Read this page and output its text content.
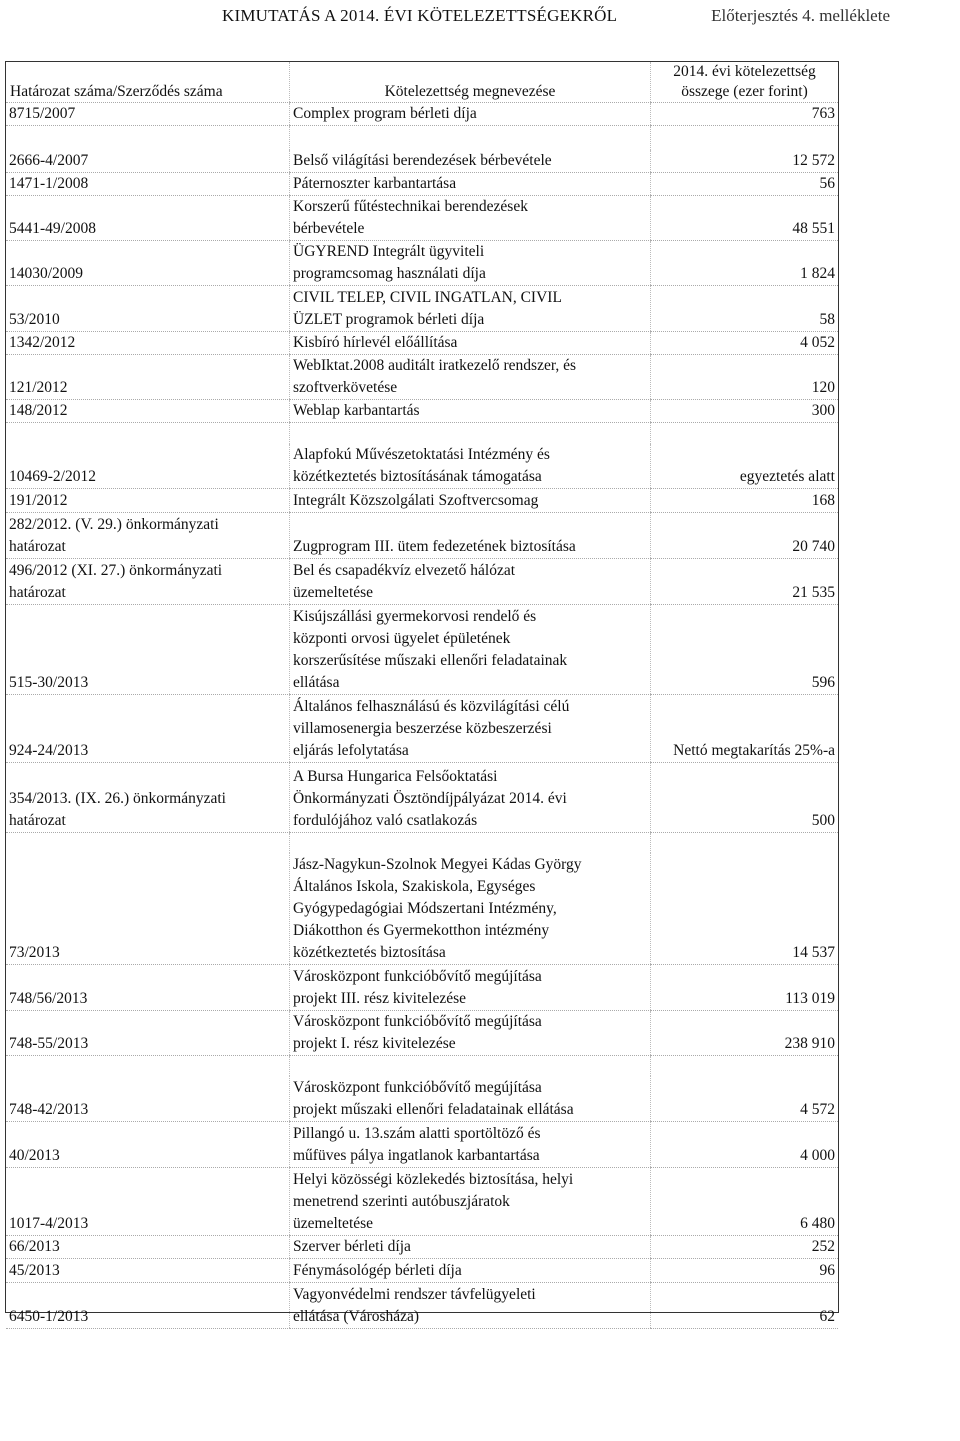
KIMUTATÁS A 2014. ÉVI KÖTELEZETTSÉGEKRŐL	Előterjesztés 4. melléklete
Határozat száma/Szerződés száma	Kötelezettség megnevezése	2014. évi kötelezettség
összege (ezer forint)

8715/2007	Complex program bérleti díja	763

2666-4/2007	Belső világítási berendezések bérbevétele	12 572
1471-1/2008	Páternoszter karbantartása	56
5441-49/2008	Korszerű fűtéstechnikai berendezések
bérbevétele	48 551
14030/2009	ÜGYREND Integrált ügyviteli
programcsomag használati díja	1 824
53/2010	CIVIL TELEP, CIVIL INGATLAN, CIVIL
ÜZLET programok bérleti díja	58
1342/2012	Kisbíró hírlevél előállítása	4 052
121/2012	WebIktat.2008 auditált iratkezelő rendszer, és
szoftverkövetése	120
148/2012	Weblap karbantartás	300

10469-2/2012	Alapfokú Művészetoktatási Intézmény és
közétkeztetés biztosításának támogatása	egyeztetés alatt
191/2012	Integrált Közszolgálati Szoftvercsomag	168

282/2012. (V. 29.) önkormányzati
határozat	Zugprogram III. ütem fedezetének biztosítása	20 740

496/2012 (XI. 27.) önkormányzati
határozat	Bel és csapadékvíz elvezető hálózat
üzemeltetése	21 535
515-30/2013	Kisújszállási gyermekorvosi rendelő és
központi orvosi ügyelet épületének
korszerűsítése műszaki ellenőri feladatainak
ellátása	596
924-24/2013	Általános felhasználású és közvilágítási célú
villamosenergia beszerzése közbeszerzési
eljárás lefolytatása	Nettó megtakarítás 25%-a

354/2013. (IX. 26.) önkormányzati
határozat	A Bursa Hungarica Felsőoktatási
Önkormányzati Ösztöndíjpályázat 2014. évi
fordulójához való csatlakozás	500

73/2013	Jász-Nagykun-Szolnok Megyei Kádas György
Általános Iskola, Szakiskola, Egységes
Gyógypedagógiai Módszertani Intézmény,
Diákotthon és Gyermekotthon intézmény
közétkeztetés biztosítása	14 537
748/56/2013	Városközpont funkcióbővítő megújítása
projekt III. rész kivitelezése	113 019
748-55/2013	Városközpont funkcióbővítő megújítása
projekt I. rész kivitelezése	238 910

748-42/2013	Városközpont funkcióbővítő megújítása
projekt műszaki ellenőri feladatainak ellátása	4 572
40/2013	Pillangó u. 13.szám alatti sportöltöző és
műfüves pálya ingatlanok karbantartása	4 000
1017-4/2013	Helyi közösségi közlekedés biztosítása, helyi
menetrend szerinti autóbuszjáratok
üzemeltetése	6 480
66/2013	Szerver bérleti díja	252
45/2013	Fénymásológép bérleti díja	96
6450-1/2013	Vagyonvédelmi rendszer távfelügyeleti
ellátása (Városháza)	62
